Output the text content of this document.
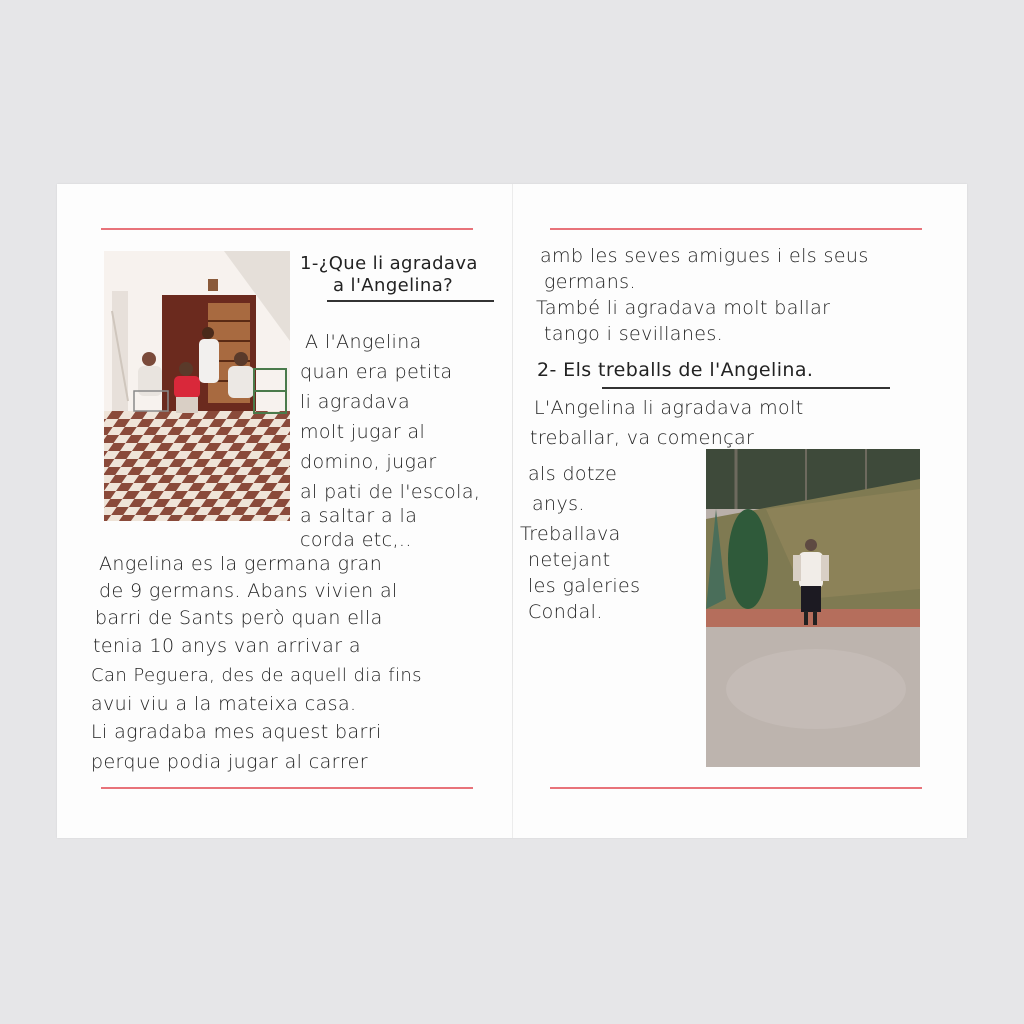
1-¿Que li agradava

a l'Angelina?

A l'Angelina

quan era petita

li agradava

molt jugar al

domino, jugar

al pati de l'escola,

a saltar a la

corda etc,..

Angelina es la germana gran

de 9 germans. Abans vivien al

barri de Sants però quan ella

tenia 10 anys van arrivar a

Can Peguera, des de aquell dia fins

avui viu a la mateixa casa.

Li agradaba mes aquest barri

perque podia jugar al carrer

amb les seves amigues i els seus

germans.

També li agradava molt ballar

tango i sevillanes.

2- Els treballs de l'Angelina.

L'Angelina li agradava molt

treballar, va començar

als dotze

anys.

Treballava

netejant

les galeries

Condal.
